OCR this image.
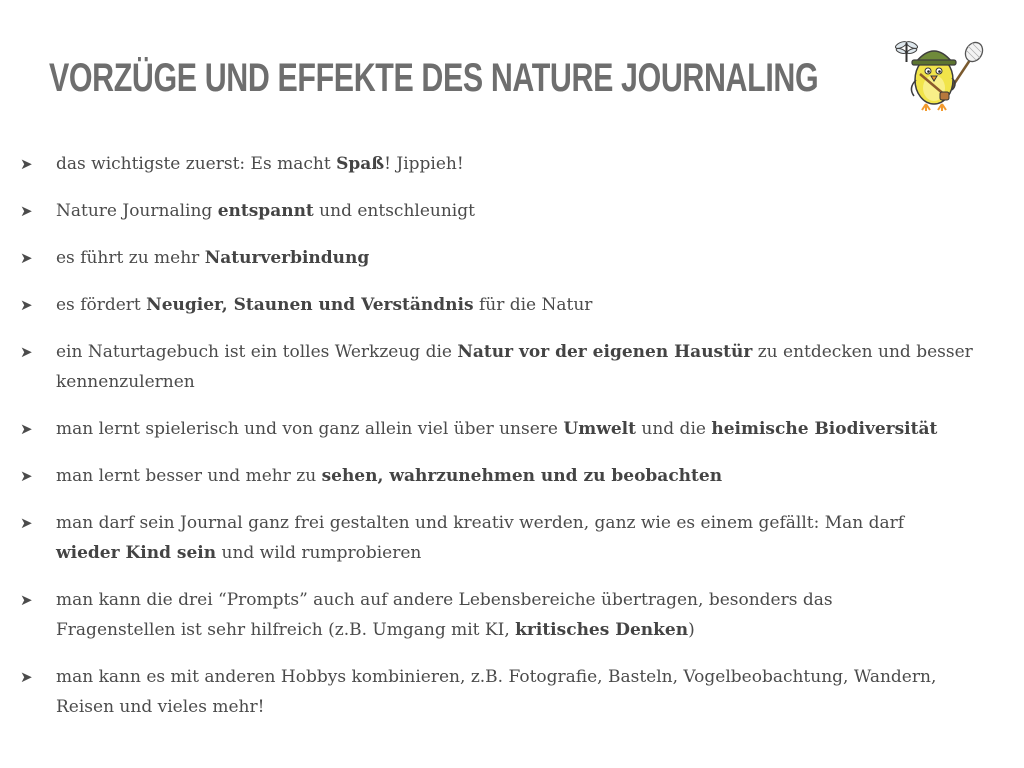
VORZÜGE UND EFFEKTE DES NATURE JOURNALING
➤ das wichtigste zuerst: Es macht Spaß! Jippieh!
➤ Nature Journaling entspannt und entschleunigt
➤ es führt zu mehr Naturverbindung
➤ es fördert Neugier, Staunen und Verständnis für die Natur
➤ ein Naturtagebuch ist ein tolles Werkzeug die Natur vor der eigenen Haustür zu entdecken und besser
kennenzulernen
➤ man lernt spielerisch und von ganz allein viel über unsere Umwelt und die heimische Biodiversität
➤ man lernt besser und mehr zu sehen, wahrzunehmen und zu beobachten
➤ man darf sein Journal ganz frei gestalten und kreativ werden, ganz wie es einem gefällt: Man darf
wieder Kind sein und wild rumprobieren
➤ man kann die drei “Prompts” auch auf andere Lebensbereiche übertragen, besonders das
Fragenstellen ist sehr hilfreich (z.B. Umgang mit KI, kritisches Denken)
➤ man kann es mit anderen Hobbys kombinieren, z.B. Fotografie, Basteln, Vogelbeobachtung, Wandern,
Reisen und vieles mehr!
